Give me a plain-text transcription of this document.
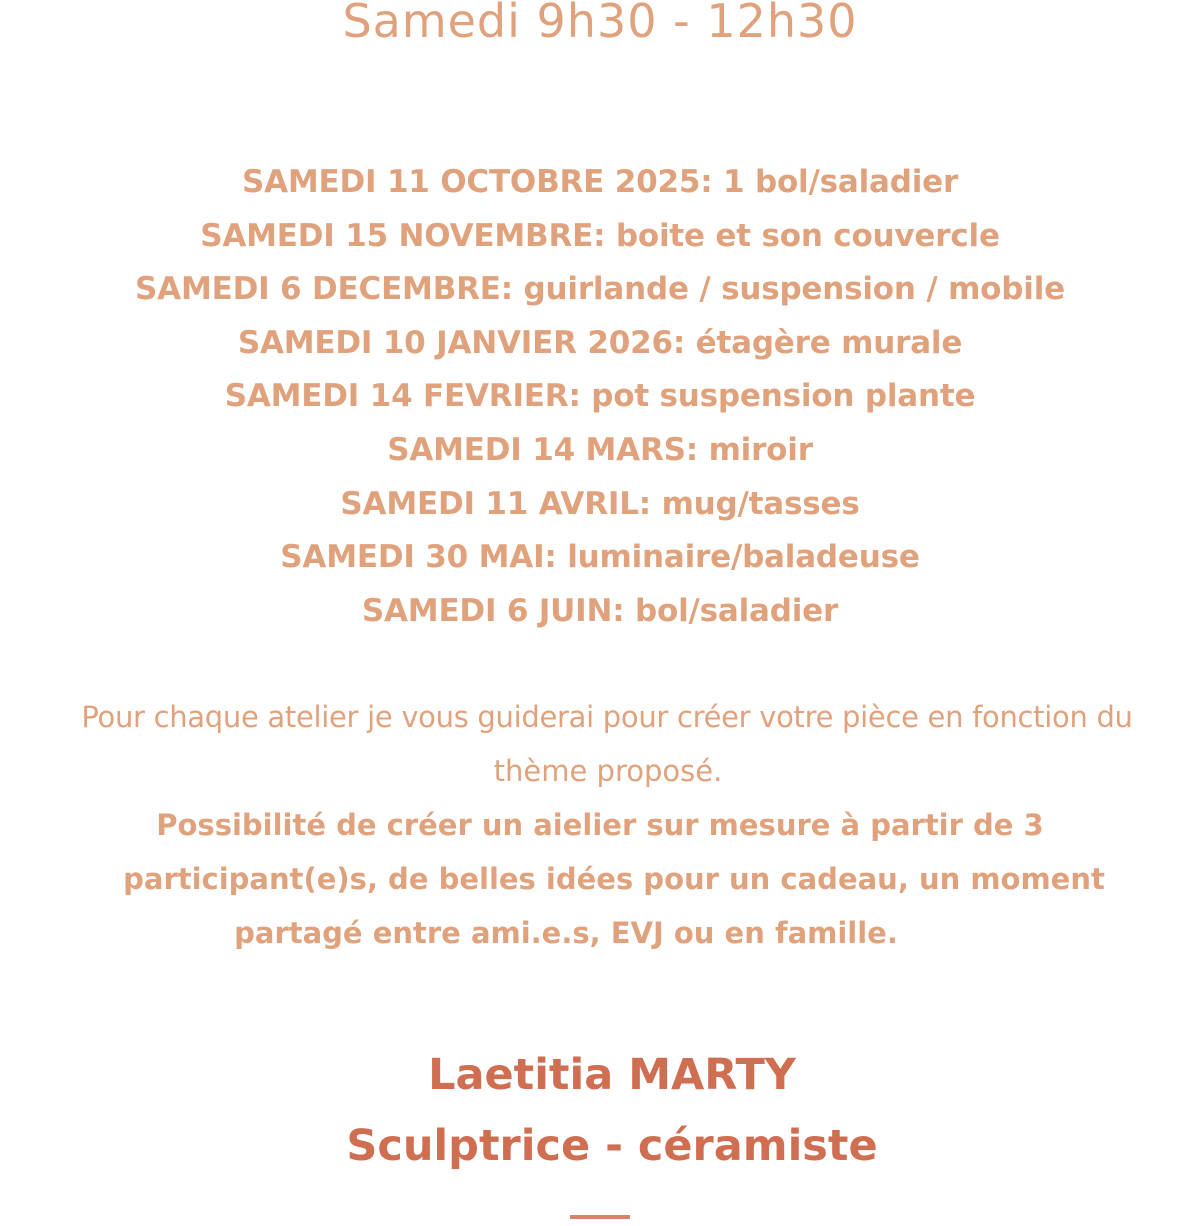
Samedi 9h30 - 12h30
SAMEDI 11 OCTOBRE 2025: 1 bol/saladier
SAMEDI 15 NOVEMBRE: boite et son couvercle
SAMEDI 6 DECEMBRE: guirlande / suspension / mobile
SAMEDI 10 JANVIER 2026: étagère murale
SAMEDI 14 FEVRIER: pot suspension plante
SAMEDI 14 MARS: miroir
SAMEDI 11 AVRIL: mug/tasses
SAMEDI 30 MAI: luminaire/baladeuse
SAMEDI 6 JUIN: bol/saladier
Pour chaque atelier je vous guiderai pour créer votre pièce en fonction du
thème proposé.
Possibilité de créer un aielier sur mesure à partir de 3
participant(e)s, de belles idées pour un cadeau, un moment
partagé entre ami.e.s, EVJ ou en famille.
Laetitia MARTY
Sculptrice - céramiste
